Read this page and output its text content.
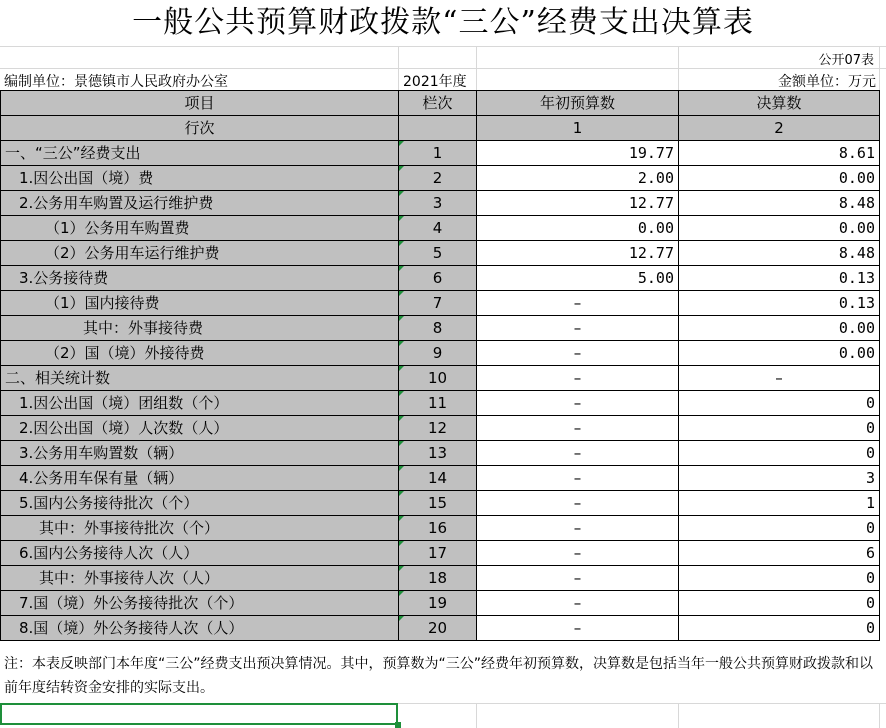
一般公共预算财政拨款“三公”经费支出决算表
公开07表
编制单位：景德镇市人民政府办公室	2021年度	金额单位：万元
项目	栏次	年初预算数	决算数
行次		1	2
一、“三公”经费支出	1	19.77	8.61
1.因公出国（境）费	2	2.00	0.00
2.公务用车购置及运行维护费	3	12.77	8.48
（1）公务用车购置费	4	0.00	0.00
（2）公务用车运行维护费	5	12.77	8.48
3.公务接待费	6	5.00	0.13
（1）国内接待费	7	–	0.13
其中：外事接待费	8	–	0.00
（2）国（境）外接待费	9	–	0.00
二、相关统计数	10	–	–
1.因公出国（境）团组数（个）	11	–	0
2.因公出国（境）人次数（人）	12	–	0
3.公务用车购置数（辆）	13	–	0
4.公务用车保有量（辆）	14	–	3
5.国内公务接待批次（个）	15	–	1
其中：外事接待批次（个）	16	–	0
6.国内公务接待人次（人）	17	–	6
其中：外事接待人次（人）	18	–	0
7.国（境）外公务接待批次（个）	19	–	0
8.国（境）外公务接待人次（人）	20	–	0
注：本表反映部门本年度“三公”经费支出预决算情况。其中，预算数为“三公”经费年初预算数，决算数是包括当年一般公共预算财政拨款和以前年度结转资金安排的实际支出。
